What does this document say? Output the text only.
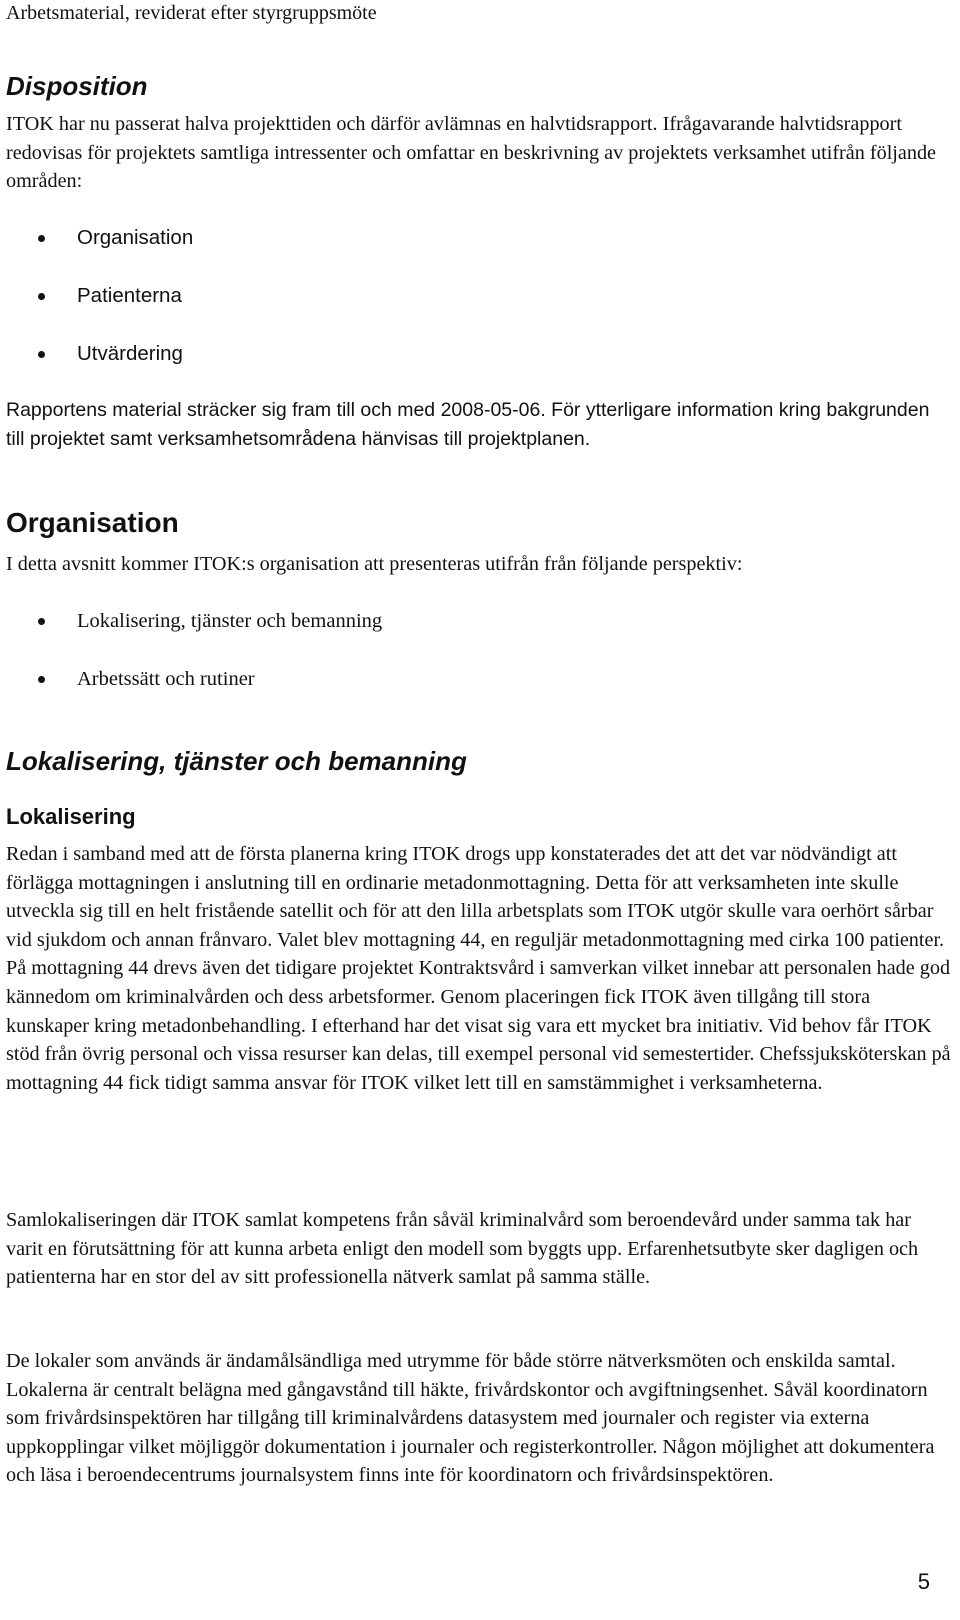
Arbetsmaterial, reviderat efter styrgruppsmöte

Disposition

ITOK har nu passerat halva projekttiden och därför avlämnas en halvtidsrapport. Ifrågavarande halvtidsrapport redovisas för projektets samtliga intressenter och omfattar en beskrivning av projektets verksamhet utifrån följande områden:

Organisation
Patienterna
Utvärdering

Rapportens material sträcker sig fram till och med 2008-05-06. För ytterligare information kring bakgrunden till projektet samt verksamhetsområdena hänvisas till projektplanen.

Organisation

I detta avsnitt kommer ITOK:s organisation att presenteras utifrån från följande perspektiv:

Lokalisering, tjänster och bemanning
Arbetssätt och rutiner
Lokalisering, tjänster och bemanning
Lokalisering

Redan i samband med att de första planerna kring ITOK drogs upp konstaterades det att det var nödvändigt att förlägga mottagningen i anslutning till en ordinarie metadonmottagning. Detta för att verksamheten inte skulle utveckla sig till en helt fristående satellit och för att den lilla arbetsplats som ITOK utgör skulle vara oerhört sårbar vid sjukdom och annan frånvaro. Valet blev mottagning 44, en reguljär metadonmottagning med cirka 100 patienter. På mottagning 44 drevs även det tidigare projektet Kontraktsvård i samverkan vilket innebar att personalen hade god kännedom om kriminalvården och dess arbetsformer. Genom placeringen fick ITOK även tillgång till stora kunskaper kring metadonbehandling. I efterhand har det visat sig vara ett mycket bra initiativ. Vid behov får ITOK stöd från övrig personal och vissa resurser kan delas, till exempel personal vid semestertider. Chefssjuksköterskan på mottagning 44 fick tidigt samma ansvar för ITOK vilket lett till en samstämmighet i verksamheterna.

Samlokaliseringen där ITOK samlat kompetens från såväl kriminalvård som beroendevård under samma tak har varit en förutsättning för att kunna arbeta enligt den modell som byggts upp. Erfarenhetsutbyte sker dagligen och patienterna har en stor del av sitt professionella nätverk samlat på samma ställe.

De lokaler som används är ändamålsändliga med utrymme för både större nätverksmöten och enskilda samtal. Lokalerna är centralt belägna med gångavstånd till häkte, frivårdskontor och avgiftningsenhet. Såväl koordinatorn som frivårdsinspektören har tillgång till kriminalvårdens datasystem med journaler och register via externa uppkopplingar vilket möjliggör dokumentation i journaler och registerkontroller. Någon möjlighet att dokumentera och läsa i beroendecentrums journalsystem finns inte för koordinatorn och frivårdsinspektören.

5
